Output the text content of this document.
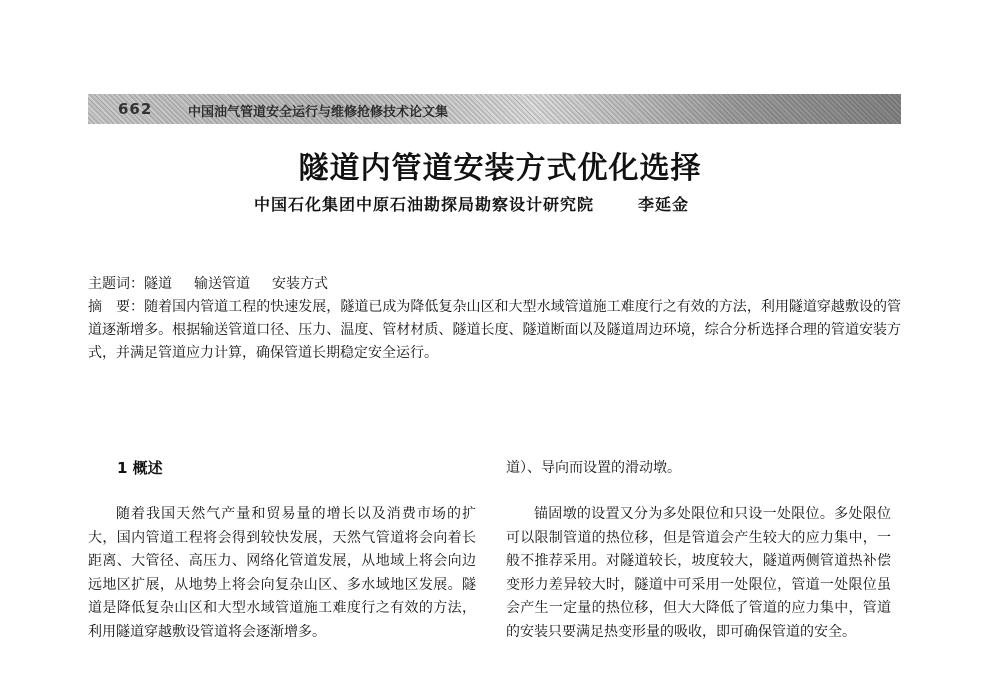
662	中国油气管道安全运行与维修抢修技术论文集
隧道内管道安装方式优化选择
中国石化集团中原石油勘探局勘察设计研究院	李延金
主题词：隧道 输送管道 安装方式
摘　要：随着国内管道工程的快速发展，隧道已成为降低复杂山区和大型水域管道施工难度行之有效的方法，利用隧道穿越敷设的管道逐渐增多。根据输送管道口径、压力、温度、管材材质、隧道长度、隧道断面以及隧道周边环境，综合分析选择合理的管道安装方式，并满足管道应力计算，确保管道长期稳定安全运行。
1 概述

随着我国天然气产量和贸易量的增长以及消费市场的扩大，国内管道工程将会得到较快发展，天然气管道将会向着长距离、大管径、高压力、网络化管道发展，从地域上将会向边远地区扩展，从地势上将会向复杂山区、多水域地区发展。隧道是降低复杂山区和大型水域管道施工难度行之有效的方法，利用隧道穿越敷设管道将会逐渐增多。

道）、导向而设置的滑动墩。

锚固墩的设置又分为多处限位和只设一处限位。多处限位可以限制管道的热位移，但是管道会产生较大的应力集中，一般不推荐采用。对隧道较长，坡度较大，隧道两侧管道热补偿变形力差异较大时，隧道中可采用一处限位，管道一处限位虽会产生一定量的热位移，但大大降低了管道的应力集中，管道的安装只要满足热变形量的吸收，即可确保管道的安全。
